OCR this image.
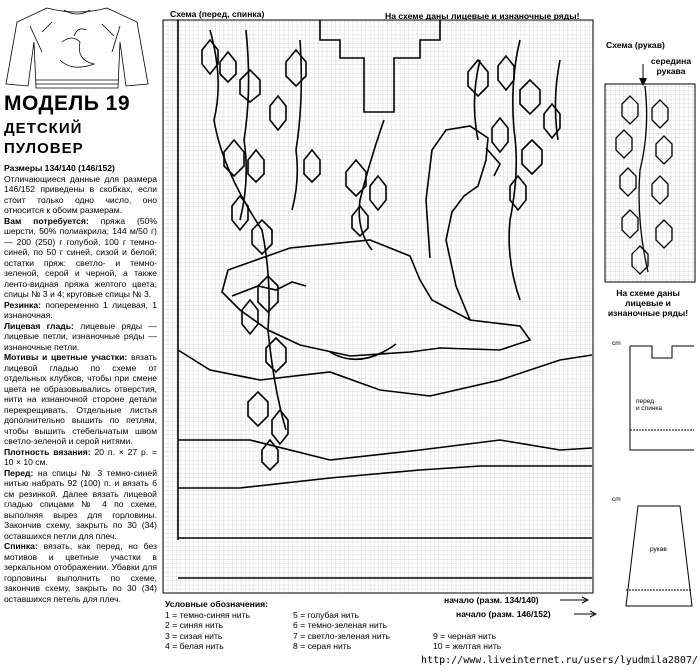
МОДЕЛЬ 19
ДЕТСКИЙ
ПУЛОВЕР

Размеры 134/140 (146/152)

Отличающиеся данные для размера 146/152 приведены в скобках, если стоит только одно число, оно относится к обоим размерам.

Вам потребуется: пряжа (50% шерсти, 50% полиакрила; 144 м/50 г) — 200 (250) г голубой, 100 г темно-синей, по 50 г синей, сизой и белой; остатки пряж: светло- и темно-зеленой, серой и черной, а также ленто-видная пряжа желтого цвета; спицы № 3 и 4; круговые спицы № 3.

Резинка: попеременно 1 лицевая, 1 изнаночная.

Лицевая гладь: лицевые ряды — лицевые петли, изнаночные ряды — изнаночные петли.

Мотивы и цветные участки: вязать лицевой гладью по схеме от отдельных клубков, чтобы при смене цвета не образовывались отверстия, нити на изнаночной стороне детали перекрещивать. Отдельные листья дополнительно вышить по петлям, чтобы вышить стебельчатым швом светло-зеленой и серой нитями.

Плотность вязания: 20 п. × 27 р. = 10 × 10 см.

Перед: на спицы № 3 темно-синей нитью набрать 92 (100) п. и вязать 6 см резинкой. Далее вязать лицевой гладью спицами № 4 по схеме, выполняя вырез для горловины. Закончив схему, закрыть по 30 (34) оставшихся петли для плеч.

Спинка: вязать, как перед, но без мотивов и цветные участки в зеркальном отображении. Убавки для горловины выполнить по схеме, закончив схему, закрыть по 30 (34) оставшихся петель для плеч.

Схема (перед, спинка)	На схеме даны лицевые и изнаночные ряды!
начало (разм. 134/140)
начало (разм. 146/152)
Схема (рукав)
середина
рукава
На схеме даны
лицевые и
изнаночные ряды!
перед
и спинка
рукав
cm
cm
Условные обозначения:
1 = темно-синяя нить	5 = голубая нить
2 = синяя нить	6 = темно-зеленая нить
3 = сизая нить	7 = светло-зеленая нить	9 = черная нить
4 = белая нить	8 = серая нить	10 = желтая нить
http://www.liveinternet.ru/users/lyudmila2807/
